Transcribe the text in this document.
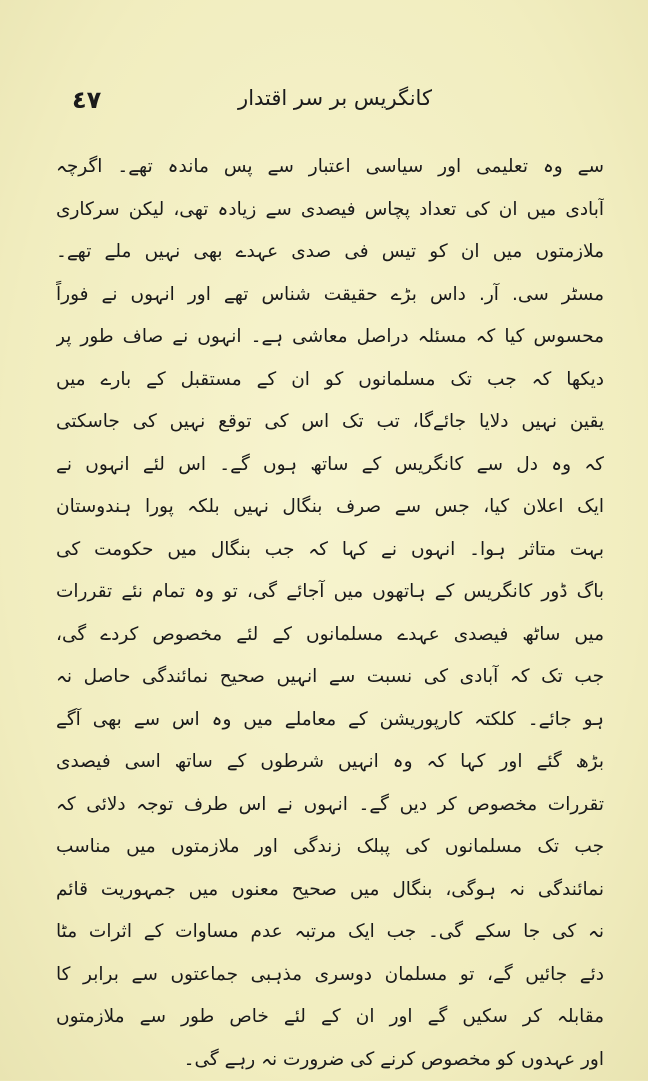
٤٧	کانگریس بر سر اقتدار
سے وہ تعلیمی اور سیاسی اعتبار سے پس ماندہ تھے۔ اگرچہ
آبادی میں ان کی تعداد پچاس فیصدی سے زیادہ تھی، لیکن سرکاری
ملازمتوں میں ان کو تیس فی صدی عہدے بھی نہیں ملے تھے۔
مسٹر سی. آر. داس بڑے حقیقت شناس تھے اور انہوں نے فوراً
محسوس کیا کہ مسئلہ دراصل معاشی ہے۔ انہوں نے صاف طور پر
دیکھا کہ جب تک مسلمانوں کو ان کے مستقبل کے بارے میں
یقین نہیں دلایا جائےگا، تب تک اس کی توقع نہیں کی جاسکتی
کہ وہ دل سے کانگریس کے ساتھ ہوں گے۔ اس لئے انہوں نے
ایک اعلان کیا، جس سے صرف بنگال نہیں بلکہ پورا ہندوستان
بہت متاثر ہوا۔ انہوں نے کہا کہ جب بنگال میں حکومت کی
باگ ڈور کانگریس کے ہاتھوں میں آجائے گی، تو وہ تمام نئے تقررات
میں ساٹھ فیصدی عہدے مسلمانوں کے لئے مخصوص کردے گی،
جب تک کہ آبادی کی نسبت سے انہیں صحیح نمائندگی حاصل نہ
ہو جائے۔ کلکتہ کارپوریشن کے معاملے میں وہ اس سے بھی آگے
بڑھ گئے اور کہا کہ وہ انہیں شرطوں کے ساتھ اسی فیصدی
تقررات مخصوص کر دیں گے۔ انہوں نے اس طرف توجہ دلائی کہ
جب تک مسلمانوں کی پبلک زندگی اور ملازمتوں میں مناسب
نمائندگی نہ ہوگی، بنگال میں صحیح معنوں میں جمہوریت قائم
نہ کی جا سکے گی۔ جب ایک مرتبہ عدم مساوات کے اثرات مٹا
دئے جائیں گے، تو مسلمان دوسری مذہبی جماعتوں سے برابر کا
مقابلہ کر سکیں گے اور ان کے لئے خاص طور سے ملازمتوں
اور عہدوں کو مخصوص کرنے کی ضرورت نہ رہے گی۔
